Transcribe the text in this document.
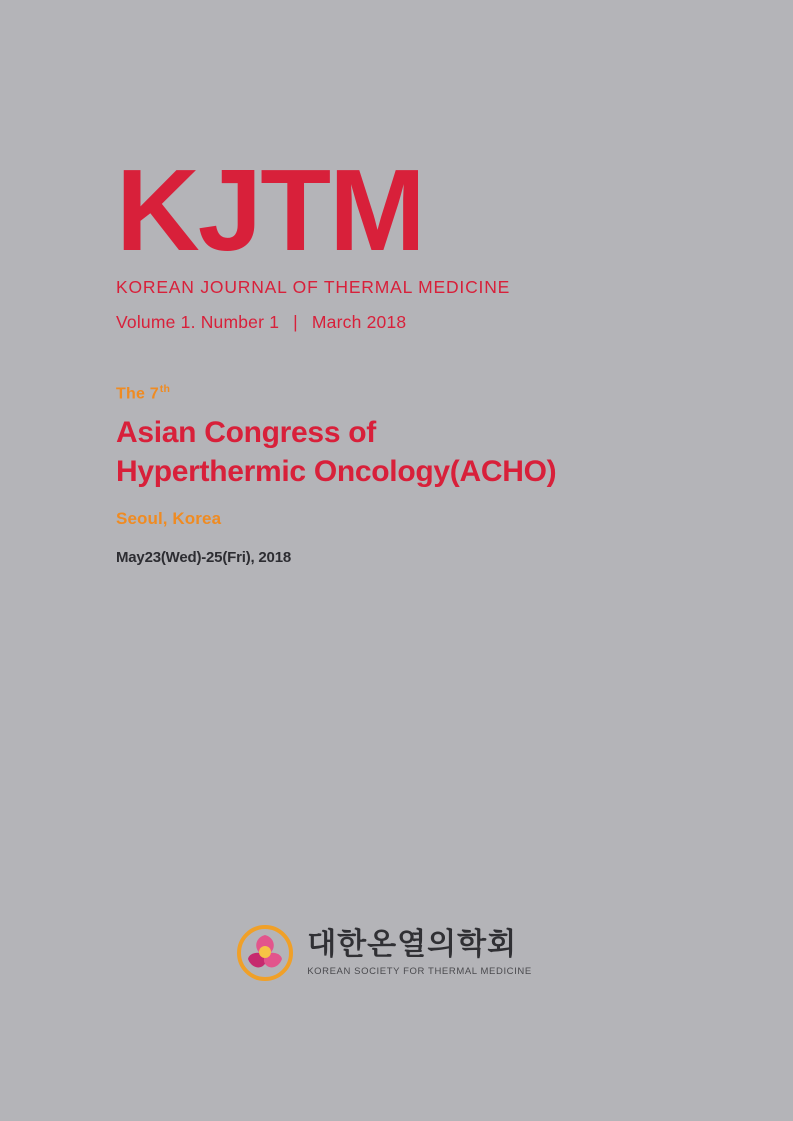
KJTM
KOREAN JOURNAL OF THERMAL MEDICINE
Volume 1. Number 1 | March 2018
The 7th
Asian Congress of
Hyperthermic Oncology(ACHO)
Seoul, Korea
May23(Wed)-25(Fri), 2018
대한온열의학회
KOREAN SOCIETY FOR THERMAL MEDICINE
